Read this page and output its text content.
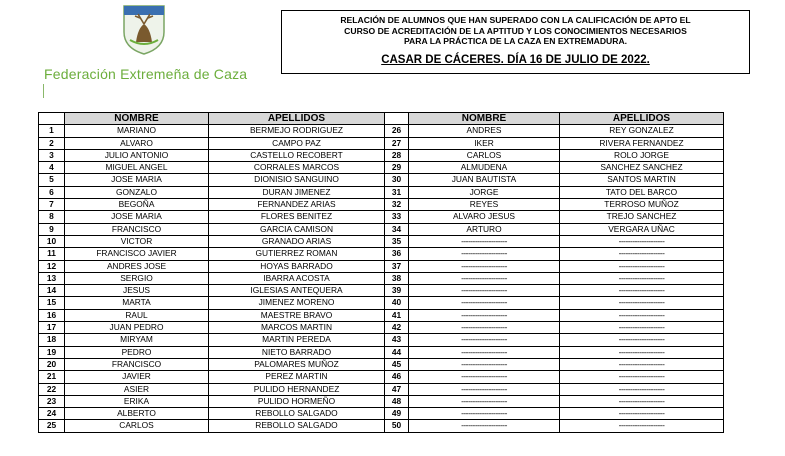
Federación Extremeña de Caza
RELACIÓN DE ALUMNOS QUE HAN SUPERADO CON LA CALIFICACIÓN DE APTO EL
CURSO DE ACREDITACIÓN DE LA APTITUD Y LOS CONOCIMIENTOS NECESARIOS
PARA LA PRÁCTICA DE LA CAZA EN EXTREMADURA.
CASAR DE CÁCERES. DÍA 16 DE JULIO DE 2022.
	NOMBRE	APELLIDOS		NOMBRE	APELLIDOS
1	MARIANO	BERMEJO RODRIGUEZ	26	ANDRES	REY GONZALEZ
2	ALVARO	CAMPO PAZ	27	IKER	RIVERA FERNANDEZ
3	JULIO ANTONIO	CASTELLO RECOBERT	28	CARLOS	ROLO JORGE
4	MIGUEL ANGEL	CORRALES MARCOS	29	ALMUDENA	SANCHEZ SANCHEZ
5	JOSE MARIA	DIONISIO SANGUINO	30	JUAN BAUTISTA	SANTOS MARTIN
6	GONZALO	DURAN JIMENEZ	31	JORGE	TATO DEL BARCO
7	BEGOÑA	FERNANDEZ ARIAS	32	REYES	TERROSO MUÑOZ
8	JOSE MARIA	FLORES BENITEZ	33	ALVARO JESUS	TREJO SANCHEZ
9	FRANCISCO	GARCIA CAMISON	34	ARTURO	VERGARA UÑAC
10	VICTOR	GRANADO ARIAS	35	--------------------	--------------------
11	FRANCISCO JAVIER	GUTIERREZ ROMAN	36	--------------------	--------------------
12	ANDRES JOSE	HOYAS BARRADO	37	--------------------	--------------------
13	SERGIO	IBARRA ACOSTA	38	--------------------	--------------------
14	JESUS	IGLESIAS ANTEQUERA	39	--------------------	--------------------
15	MARTA	JIMENEZ MORENO	40	--------------------	--------------------
16	RAUL	MAESTRE BRAVO	41	--------------------	--------------------
17	JUAN PEDRO	MARCOS MARTIN	42	--------------------	--------------------
18	MIRYAM	MARTIN PEREDA	43	--------------------	--------------------
19	PEDRO	NIETO BARRADO	44	--------------------	--------------------
20	FRANCISCO	PALOMARES MUÑOZ	45	--------------------	--------------------
21	JAVIER	PEREZ MARTIN	46	--------------------	--------------------
22	ASIER	PULIDO HERNANDEZ	47	--------------------	--------------------
23	ERIKA	PULIDO HORMEÑO	48	--------------------	--------------------
24	ALBERTO	REBOLLO SALGADO	49	--------------------	--------------------
25	CARLOS	REBOLLO SALGADO	50	--------------------	--------------------
